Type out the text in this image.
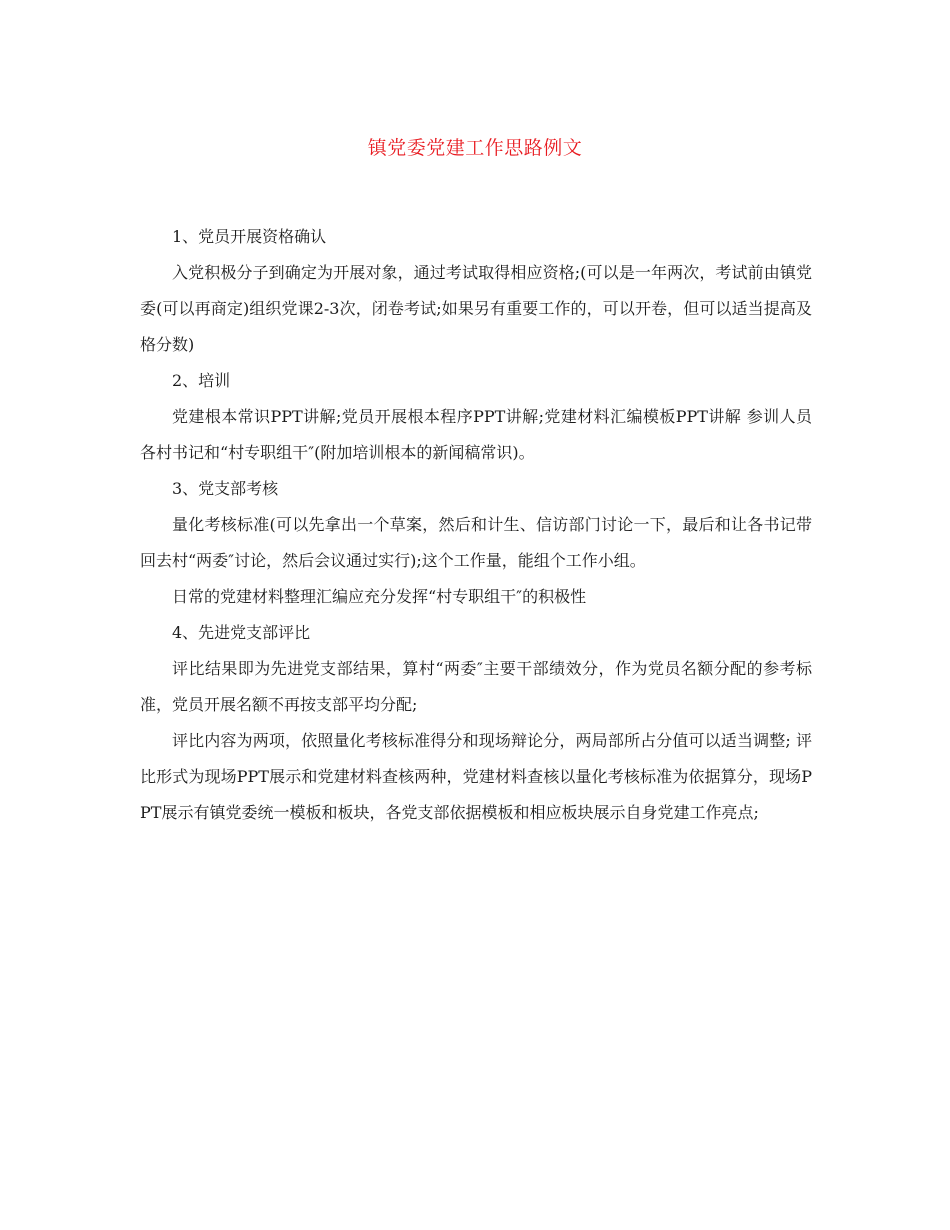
镇党委党建工作思路例文

1、党员开展资格确认

入党积极分子到确定为开展对象，通过考试取得相应资格;(可以是一年两次，考试前由镇党委(可以再商定)组织党课2-3次，闭卷考试;如果另有重要工作的，可以开卷，但可以适当提高及格分数)

2、培训

党建根本常识PPT讲解;党员开展根本程序PPT讲解;党建材料汇编模板PPT讲解 参训人员各村书记和“村专职组干″(附加培训根本的新闻稿常识)。

3、党支部考核

量化考核标准(可以先拿出一个草案，然后和计生、信访部门讨论一下，最后和让各书记带回去村“两委″讨论，然后会议通过实行);这个工作量，能组个工作小组。

日常的党建材料整理汇编应充分发挥“村专职组干″的积极性

4、先进党支部评比

评比结果即为先进党支部结果，算村“两委″主要干部绩效分，作为党员名额分配的参考标准，党员开展名额不再按支部平均分配;

评比内容为两项，依照量化考核标准得分和现场辩论分，两局部所占分值可以适当调整; 评比形式为现场PPT展示和党建材料查核两种，党建材料查核以量化考核标准为依据算分，现场PPT展示有镇党委统一模板和板块，各党支部依据模板和相应板块展示自身党建工作亮点;
